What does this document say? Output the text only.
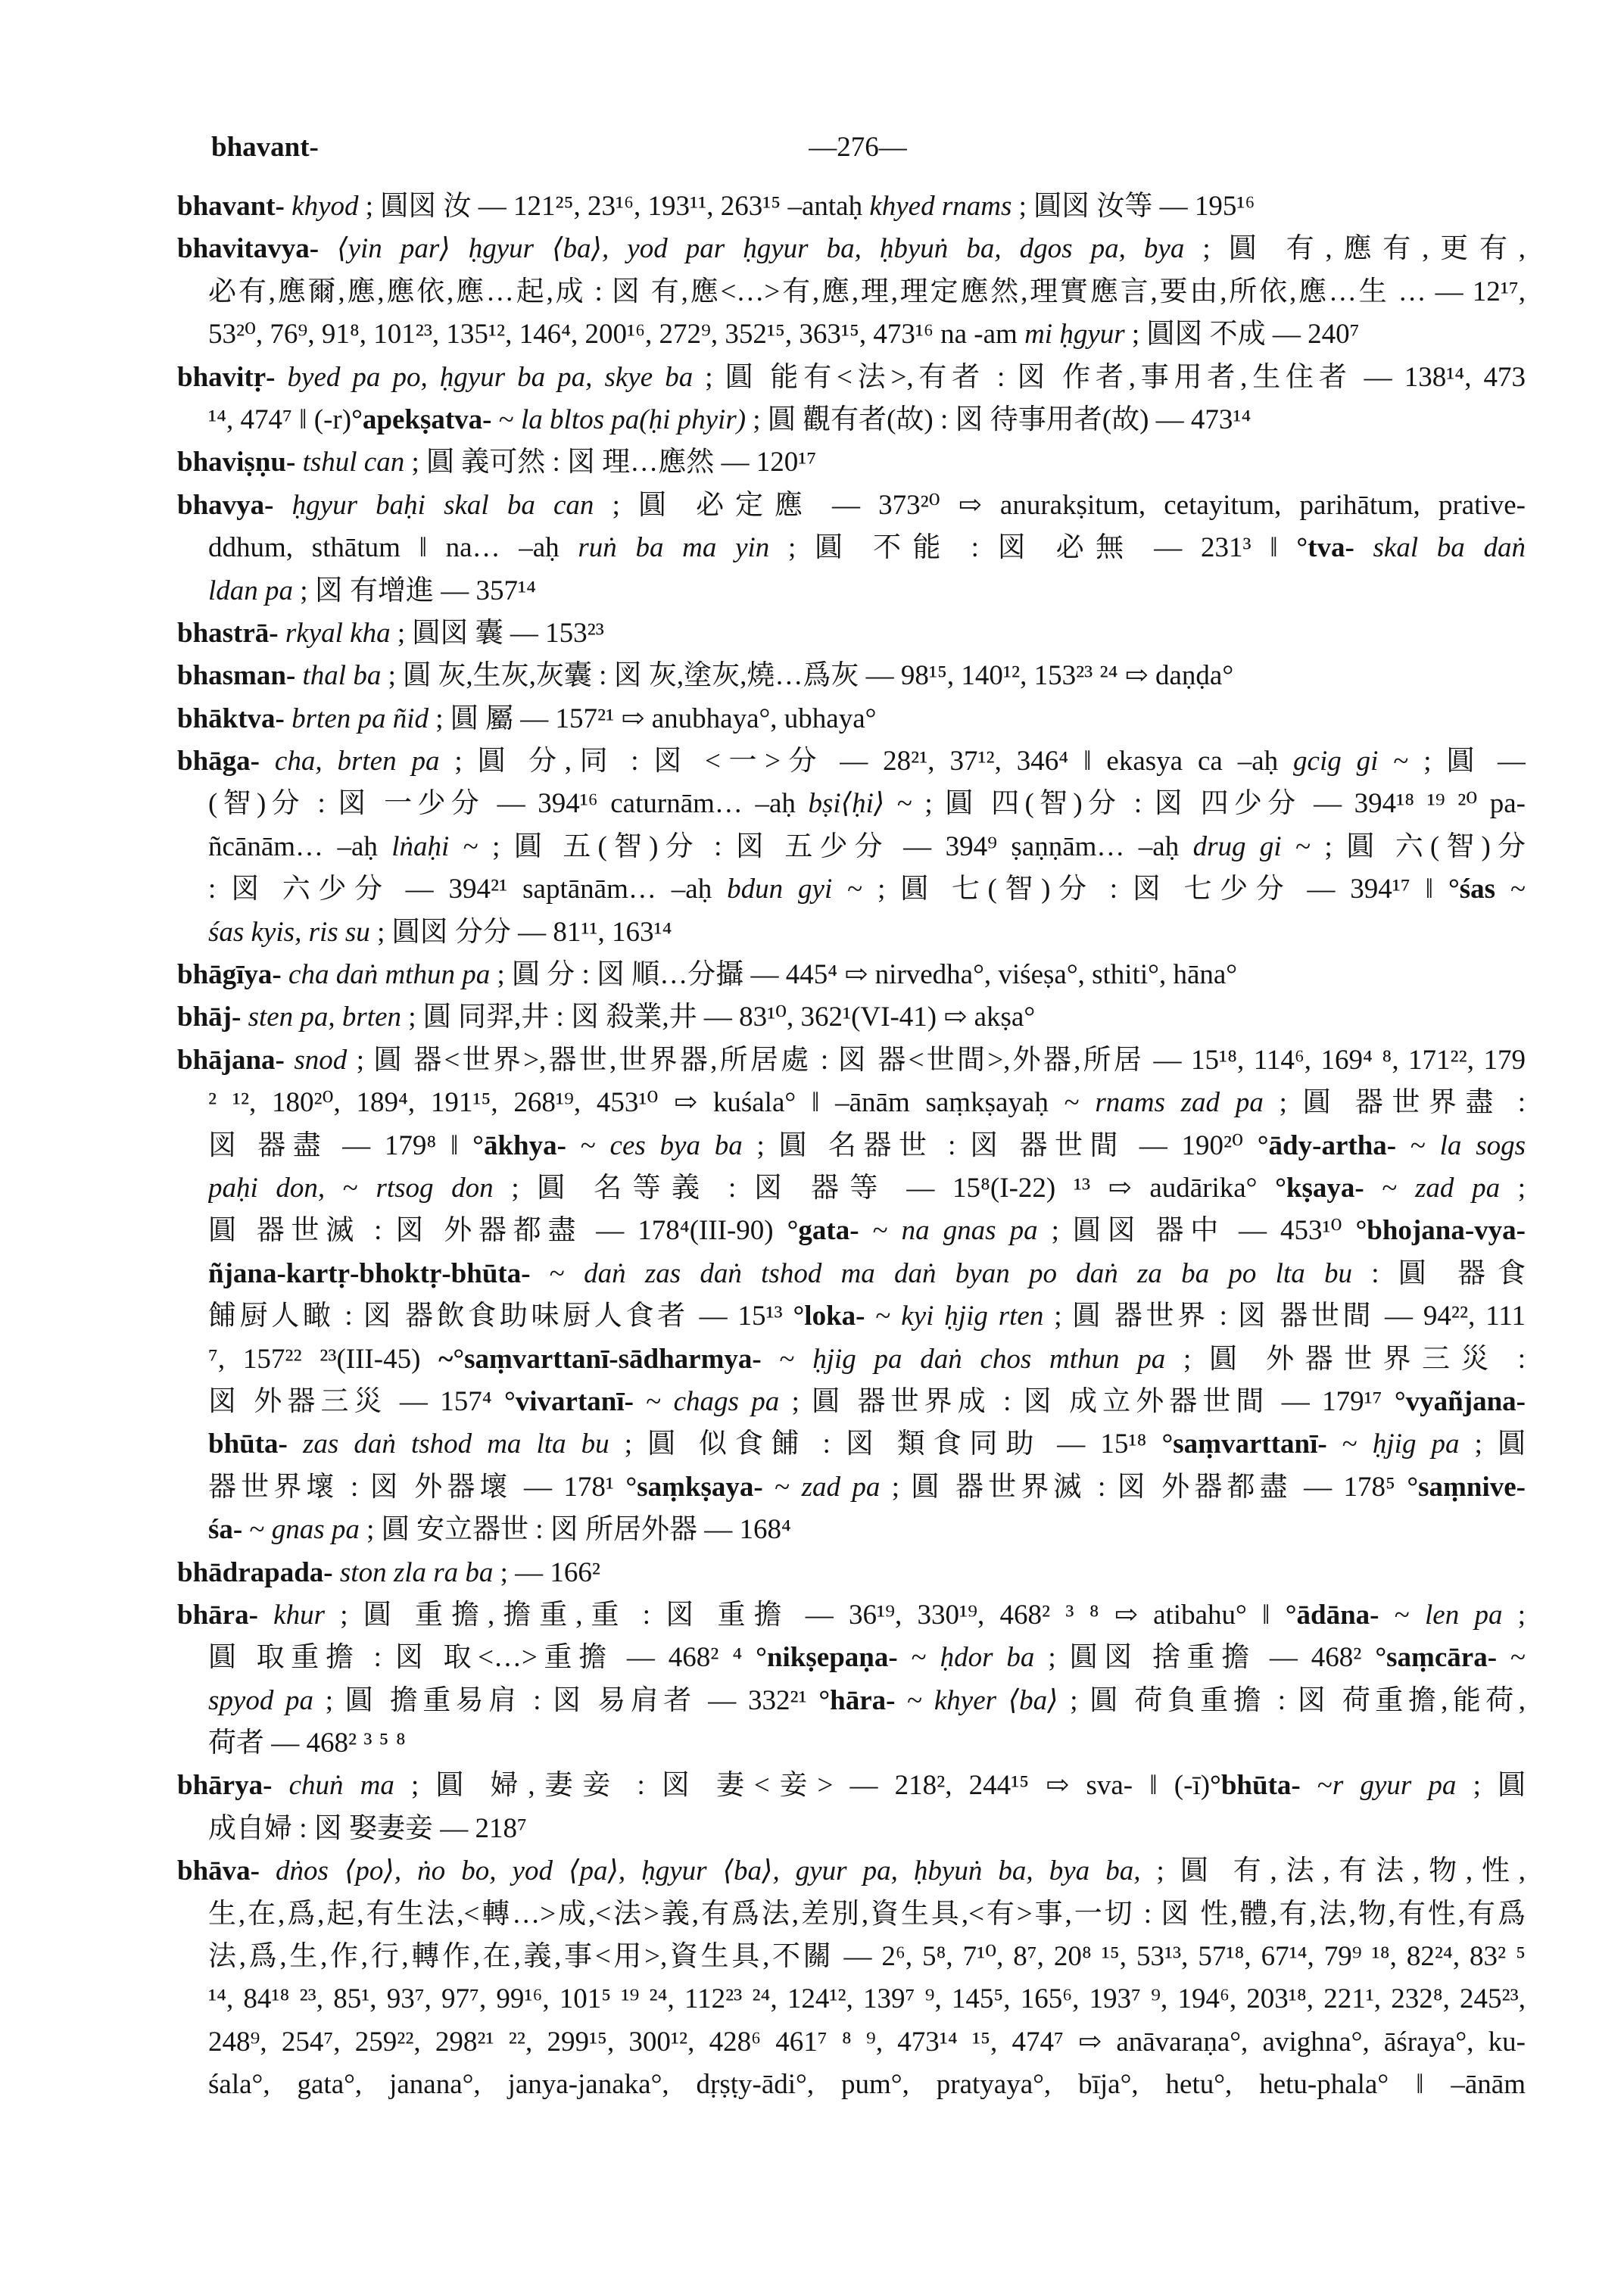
bhavant-	—276—
bhavant- khyod ; 圓図 汝 — 121²⁵, 23¹⁶, 193¹¹, 263¹⁵ –antaḥ khyed rnams ; 圓図 汝等 — 195¹⁶
bhavitavya- ⟨yin par⟩ ḥgyur ⟨ba⟩, yod par ḥgyur ba, ḥbyuṅ ba, dgos pa, bya ; 圓 有,應有,更有,
必有,應爾,應,應依,應…起,成 : 図 有,應<…>有,應,理,理定應然,理實應言,要由,所依,應…生 … — 12¹⁷,
53²⁰, 76⁹, 91⁸, 101²³, 135¹², 146⁴, 200¹⁶, 272⁹, 352¹⁵, 363¹⁵, 473¹⁶ na -am mi ḥgyur ; 圓図 不成 — 240⁷
bhavitṛ- byed pa po, ḥgyur ba pa, skye ba ; 圓 能有<法>,有者 : 図 作者,事用者,生住者 — 138¹⁴, 473
¹⁴, 474⁷ ‖ (-r)°apekṣatva- ~ la bltos pa(ḥi phyir) ; 圓 觀有者(故) : 図 待事用者(故) — 473¹⁴
bhaviṣṇu- tshul can ; 圓 義可然 : 図 理…應然 — 120¹⁷
bhavya- ḥgyur baḥi skal ba can ; 圓 必定應 — 373²⁰ ⇨ anurakṣitum, cetayitum, parihātum, prative-
ddhum, sthātum ‖ na… –aḥ ruṅ ba ma yin ; 圓 不能 : 図 必無 — 231³ ‖ °tva- skal ba daṅ
ldan pa ; 図 有增進 — 357¹⁴
bhastrā- rkyal kha ; 圓図 囊 — 153²³
bhasman- thal ba ; 圓 灰,生灰,灰囊 : 図 灰,塗灰,燒…爲灰 — 98¹⁵, 140¹², 153²³ ²⁴ ⇨ daṇḍa°
bhāktva- brten pa ñid ; 圓 屬 — 157²¹ ⇨ anubhaya°, ubhaya°
bhāga- cha, brten pa ; 圓 分,同 : 図 <一>分 — 28²¹, 37¹², 346⁴ ‖ ekasya ca –aḥ gcig gi ~ ; 圓 —
(智)分 : 図 一少分 — 394¹⁶ caturnām… –aḥ bṣi⟨ḥi⟩ ~ ; 圓 四(智)分 : 図 四少分 — 394¹⁸ ¹⁹ ²⁰ pa-
ñcānām… –aḥ lṅaḥi ~ ; 圓 五(智)分 : 図 五少分 — 394⁹ ṣaṇṇām… –aḥ drug gi ~ ; 圓 六(智)分
: 図 六少分 — 394²¹ saptānām… –aḥ bdun gyi ~ ; 圓 七(智)分 : 図 七少分 — 394¹⁷ ‖ °śas ~
śas kyis, ris su ; 圓図 分分 — 81¹¹, 163¹⁴
bhāgīya- cha daṅ mthun pa ; 圓 分 : 図 順…分攝 — 445⁴ ⇨ nirvedha°, viśeṣa°, sthiti°, hāna°
bhāj- sten pa, brten ; 圓 同羿,井 : 図 殺業,井 — 83¹⁰, 362¹(VI-41) ⇨ akṣa°
bhājana- snod ; 圓 器<世界>,器世,世界器,所居處 : 図 器<世間>,外器,所居 — 15¹⁸, 114⁶, 169⁴ ⁸, 171²², 179
² ¹², 180²⁰, 189⁴, 191¹⁵, 268¹⁹, 453¹⁰ ⇨ kuśala° ‖ –ānām saṃkṣayaḥ ~ rnams zad pa ; 圓 器世界盡 :
図 器盡 — 179⁸ ‖ °ākhya- ~ ces bya ba ; 圓 名器世 : 図 器世間 — 190²⁰ °ādy-artha- ~ la sogs
paḥi don, ~ rtsog don ; 圓 名等義 : 図 器等 — 15⁸(I-22) ¹³ ⇨ audārika° °kṣaya- ~ zad pa ;
圓 器世滅 : 図 外器都盡 — 178⁴(III-90) °gata- ~ na gnas pa ; 圓図 器中 — 453¹⁰ °bhojana-vya-
ñjana-kartṛ-bhoktṛ-bhūta- ~ daṅ zas daṅ tshod ma daṅ byan po daṅ za ba po lta bu : 圓 器食
餔厨人瞰 : 図 器飲食助味厨人食者 — 15¹³ °loka- ~ kyi ḥjig rten ; 圓 器世界 : 図 器世間 — 94²², 111
⁷, 157²² ²³(III-45) ~°saṃvarttanī-sādharmya- ~ ḥjig pa daṅ chos mthun pa ; 圓 外器世界三災 :
図 外器三災 — 157⁴ °vivartanī- ~ chags pa ; 圓 器世界成 : 図 成立外器世間 — 179¹⁷ °vyañjana-
bhūta- zas daṅ tshod ma lta bu ; 圓 似食餔 : 図 類食同助 — 15¹⁸ °saṃvarttanī- ~ ḥjig pa ; 圓
器世界壞 : 図 外器壞 — 178¹ °saṃkṣaya- ~ zad pa ; 圓 器世界滅 : 図 外器都盡 — 178⁵ °saṃnive-
śa- ~ gnas pa ; 圓 安立器世 : 図 所居外器 — 168⁴
bhādrapada- ston zla ra ba ; — 166²
bhāra- khur ; 圓 重擔,擔重,重 : 図 重擔 — 36¹⁹, 330¹⁹, 468² ³ ⁸ ⇨ atibahu° ‖ °ādāna- ~ len pa ;
圓 取重擔 : 図 取<…>重擔 — 468² ⁴ °nikṣepaṇa- ~ ḥdor ba ; 圓図 捨重擔 — 468² °saṃcāra- ~
spyod pa ; 圓 擔重易肩 : 図 易肩者 — 332²¹ °hāra- ~ khyer ⟨ba⟩ ; 圓 荷負重擔 : 図 荷重擔,能荷,
荷者 — 468² ³ ⁵ ⁸
bhārya- chuṅ ma ; 圓 婦,妻妾 : 図 妻<妾> — 218², 244¹⁵ ⇨ sva- ‖ (-ī)°bhūta- ~r gyur pa ; 圓
成自婦 : 図 娶妻妾 — 218⁷
bhāva- dṅos ⟨po⟩, ṅo bo, yod ⟨pa⟩, ḥgyur ⟨ba⟩, gyur pa, ḥbyuṅ ba, bya ba, ; 圓 有,法,有法,物,性,
生,在,爲,起,有生法,<轉…>成,<法>義,有爲法,差別,資生具,<有>事,一切 : 図 性,體,有,法,物,有性,有爲
法,爲,生,作,行,轉作,在,義,事<用>,資生具,不關 — 2⁶, 5⁸, 7¹⁰, 8⁷, 20⁸ ¹⁵, 53¹³, 57¹⁸, 67¹⁴, 79⁹ ¹⁸, 82²⁴, 83² ⁵
¹⁴, 84¹⁸ ²³, 85¹, 93⁷, 97⁷, 99¹⁶, 101⁵ ¹⁹ ²⁴, 112²³ ²⁴, 124¹², 139⁷ ⁹, 145⁵, 165⁶, 193⁷ ⁹, 194⁶, 203¹⁸, 221¹, 232⁸, 245²³,
248⁹, 254⁷, 259²², 298²¹ ²², 299¹⁵, 300¹², 428⁶ 461⁷ ⁸ ⁹, 473¹⁴ ¹⁵, 474⁷ ⇨ anāvaraṇa°, avighna°, āśraya°, ku-
śala°, gata°, janana°, janya-janaka°, dṛṣṭy-ādi°, pum°, pratyaya°, bīja°, hetu°, hetu-phala° ‖ –ānām
